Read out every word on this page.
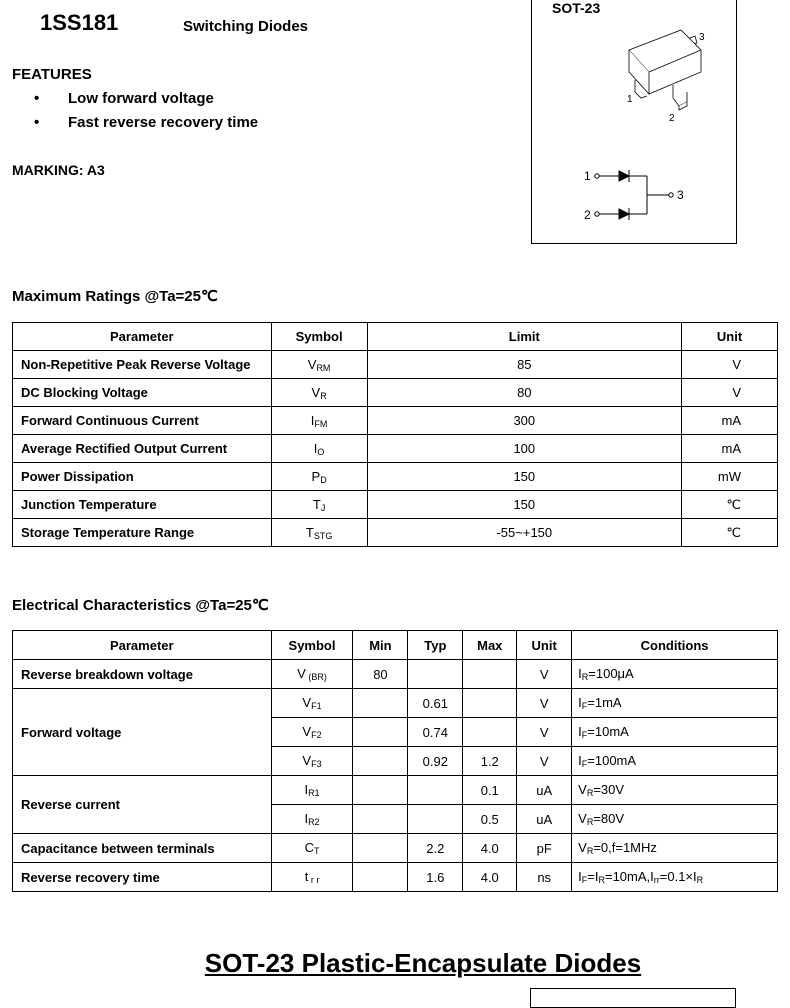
1SS181	Switching Diodes
FEATURES
• Low forward voltage
• Fast reverse recovery time
MARKING: A3
SOT-23
3
1
2
1
2
3
Maximum Ratings @Ta=25℃
Parameter	Symbol	Limit	Unit
Non-Repetitive Peak Reverse Voltage	$V_{RM}$	85	V
DC Blocking Voltage	$V_R$	80	V
Forward Continuous Current	$I_{FM}$	300	mA
Average Rectified Output Current	$I_O$	100	mA
Power Dissipation	$P_D$	150	mW
Junction Temperature	$T_J$	150	℃
Storage Temperature Range	$T_{STG}$	-55~+150	℃
Electrical Characteristics @Ta=25℃
Parameter	Symbol	Min	Typ	Max	Unit	Conditions
Reverse breakdown voltage	V $_{(BR)}$	80			V	$I_R=100\mu A$
Forward voltage	$V_{F1}$		0.61		V	$I_F=1mA$
	$V_{F2}$		0.74		V	$I_F=10mA$
	$V_{F3}$		0.92	1.2	V	$I_F=100mA$
Reverse current	$I_{R1}$			0.1	uA	$V_R=30V$
	$I_{R2}$			0.5	uA	$V_R=80V$
Capacitance between terminals	$C_T$		2.2	4.0	pF	$V_R=0,f=1MHz$
Reverse recovery time	t $_{r r}$		1.6	4.0	ns	$I_F=I_R=10mA,I_{rr}=0.1\times I_R$
SOT-23 Plastic-Encapsulate Diodes
